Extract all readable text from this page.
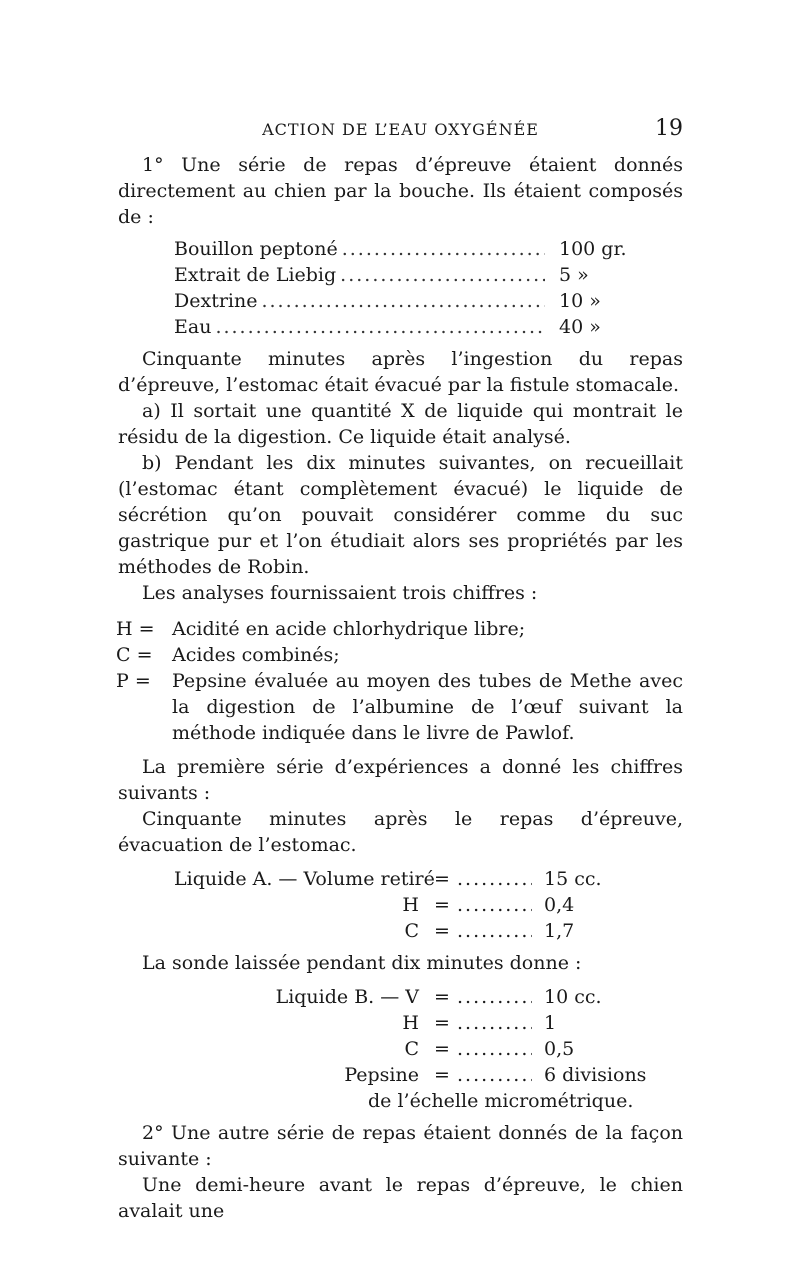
ACTION DE L’EAU OXYGÉNÉE	19

1° Une série de repas d’épreuve étaient donnés directement au chien par la bouche. Ils étaient composés de :

Bouillon peptoné .....	100 gr.
Extrait de Liebig .....	5 »
Dextrine .....	10 »
Eau .....	40 »

Cinquante minutes après l’ingestion du repas d’épreuve, l’estomac était évacué par la fistule stomacale.

a) Il sortait une quantité X de liquide qui montrait le résidu de la digestion. Ce liquide était analysé.

b) Pendant les dix minutes suivantes, on recueillait (l’estomac étant complètement évacué) le liquide de sécrétion qu’on pouvait considérer comme du suc gastrique pur et l’on étudiait alors ses propriétés par les méthodes de Robin.

Les analyses fournissaient trois chiffres :

H = Acidité en acide chlorhydrique libre;
C =	Acides combinés;
P =	Pepsine évaluée au moyen des tubes de Methe avec la digestion de l’albumine de l’œuf suivant la méthode indiquée dans le livre de Pawlof.

La première série d’expériences a donné les chiffres suivants :

Cinquante minutes après le repas d’épreuve, évacuation de l’estomac.

Liquide A. — Volume retiré = .....	15 cc.
H = .....	0,4
C = .....	1,7

La sonde laissée pendant dix minutes donne :

Liquide B. — V = .....	10 cc.
H = .....	1
C = .....	0,5
Pepsine = .....	6 divisions
de l’échelle micrométrique.

2° Une autre série de repas étaient donnés de la façon suivante :

Une demi-heure avant le repas d’épreuve, le chien avalait une
